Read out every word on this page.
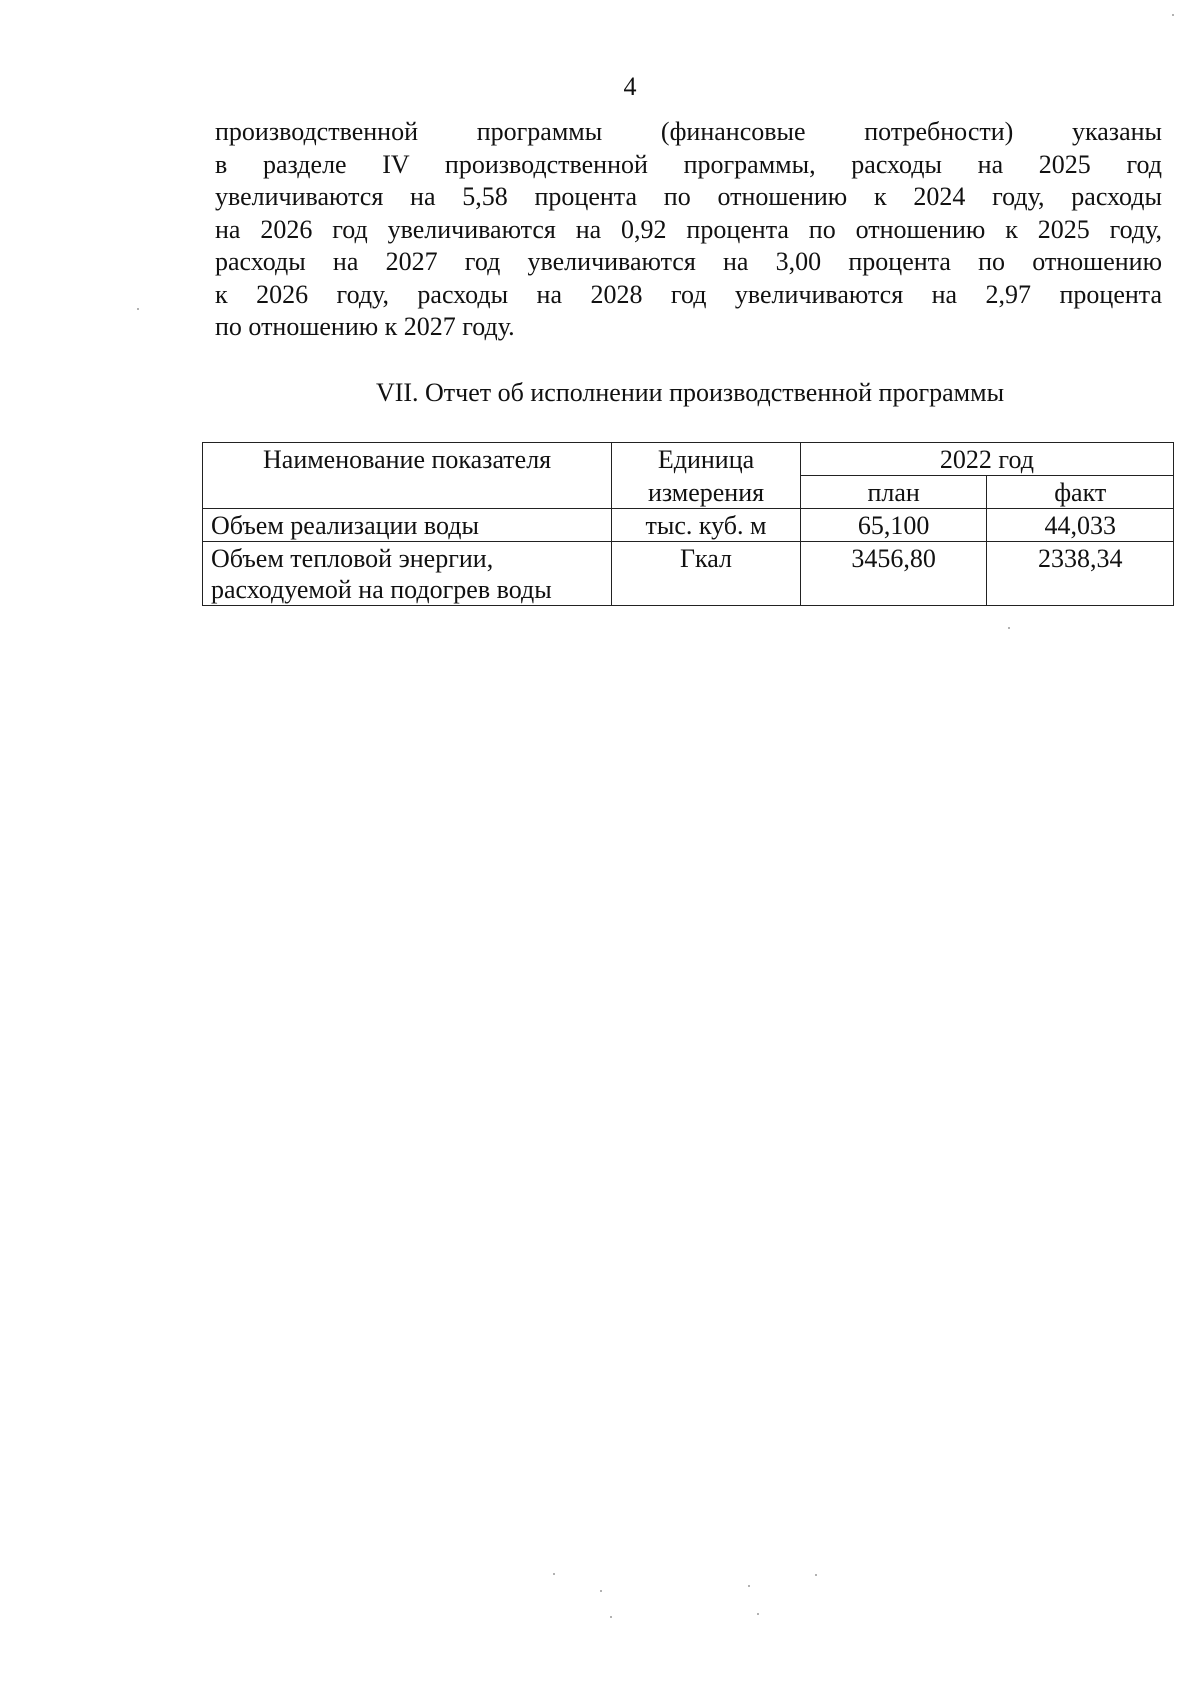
4
производственной программы (финансовые потребности) указаны
в разделе IV производственной программы, расходы на 2025 год
увеличиваются на 5,58 процента по отношению к 2024 году, расходы
на 2026 год увеличиваются на 0,92 процента по отношению к 2025 году,
расходы на 2027 год увеличиваются на 3,00 процента по отношению
к 2026 году, расходы на 2028 год увеличиваются на 2,97 процента
по отношению к 2027 году.
VII. Отчет об исполнении производственной программы
Наименование показателя	Единица	2022 год	
	измерения	план	факт
Объем реализации воды	тыс. куб. м	65,100	44,033

Объем тепловой энергии,
расходуемой на подогрев воды	Гкал	3456,80	2338,34
